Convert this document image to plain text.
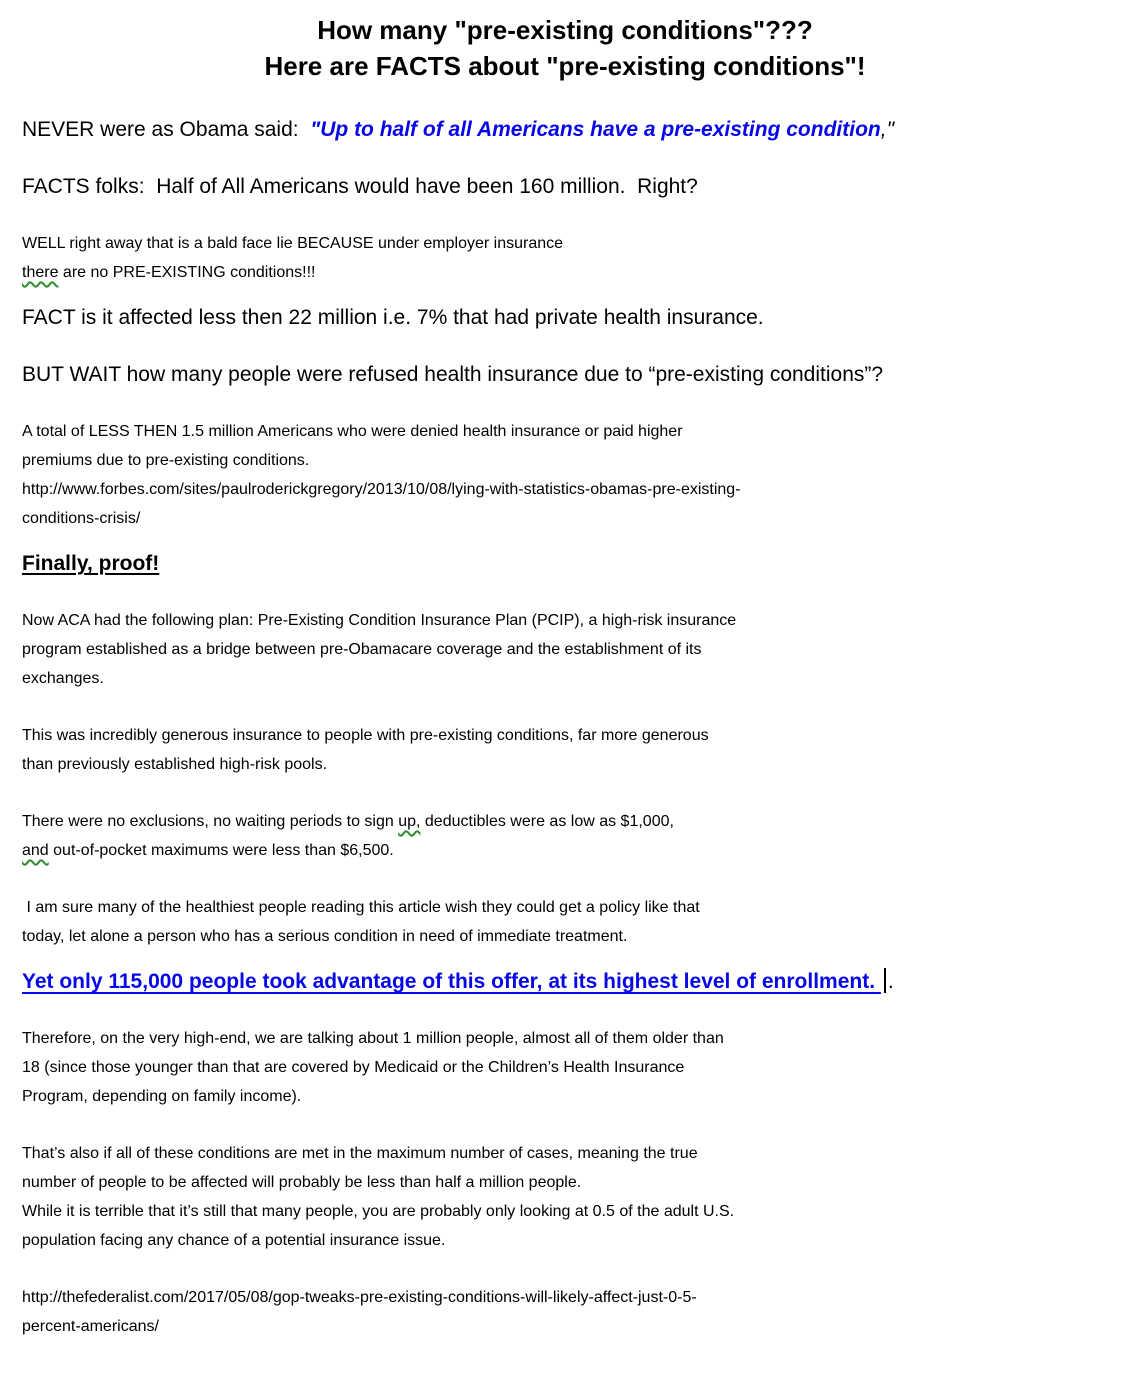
How many "pre-existing conditions"???
Here are FACTS about "pre-existing conditions"!

NEVER were as Obama said:  "Up to half of all Americans have a pre-existing condition,"

FACTS folks:  Half of All Americans would have been 160 million.  Right?

WELL right away that is a bald face lie BECAUSE under employer insurance
there are no PRE-EXISTING conditions!!!

FACT is it affected less then 22 million i.e. 7% that had private health insurance.

BUT WAIT how many people were refused health insurance due to “pre-existing conditions”?

A total of LESS THEN 1.5 million Americans who were denied health insurance or paid higher
premiums due to pre-existing conditions.
http://www.forbes.com/sites/paulroderickgregory/2013/10/08/lying-with-statistics-obamas-pre-existing-
conditions-crisis/

Finally, proof!

Now ACA had the following plan: Pre-Existing Condition Insurance Plan (PCIP), a high-risk insurance
program established as a bridge between pre-Obamacare coverage and the establishment of its
exchanges.

This was incredibly generous insurance to people with pre-existing conditions, far more generous
than previously established high-risk pools.

There were no exclusions, no waiting periods to sign up, deductibles were as low as $1,000,
and out-of-pocket maximums were less than $6,500.

I am sure many of the healthiest people reading this article wish they could get a policy like that
today, let alone a person who has a serious condition in need of immediate treatment.

Yet only 115,000 people took advantage of this offer, at its highest level of enrollment. .

Therefore, on the very high-end, we are talking about 1 million people, almost all of them older than
18 (since those younger than that are covered by Medicaid or the Children’s Health Insurance
Program, depending on family income).

That’s also if all of these conditions are met in the maximum number of cases, meaning the true
number of people to be affected will probably be less than half a million people.
While it is terrible that it’s still that many people, you are probably only looking at 0.5 of the adult U.S.
population facing any chance of a potential insurance issue.

http://thefederalist.com/2017/05/08/gop-tweaks-pre-existing-conditions-will-likely-affect-just-0-5-
percent-americans/
